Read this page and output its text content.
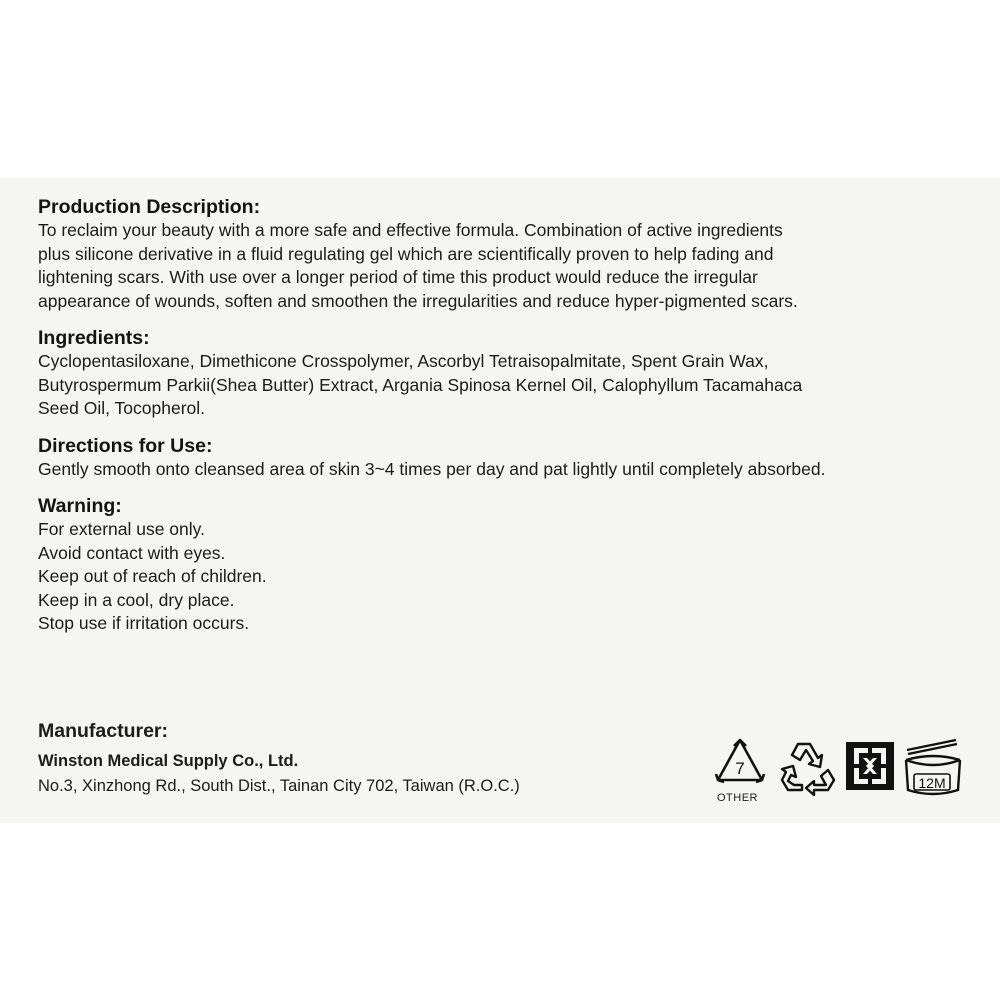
Production Description:

To reclaim your beauty with a more safe and effective formula. Combination of active ingredients

plus silicone derivative in a fluid regulating gel which are scientifically proven to help fading and

lightening scars. With use over a longer period of time this product would reduce the irregular

appearance of wounds, soften and smoothen the irregularities and reduce hyper-pigmented scars.

Ingredients:

Cyclopentasiloxane, Dimethicone Crosspolymer, Ascorbyl Tetraisopalmitate, Spent Grain Wax,

Butyrospermum Parkii(Shea Butter) Extract, Argania Spinosa Kernel Oil, Calophyllum Tacamahaca

Seed Oil, Tocopherol.

Directions for Use:

Gently smooth onto cleansed area of skin 3~4 times per day and pat lightly until completely absorbed.

Warning:
For external use only.
Avoid contact with eyes.
Keep out of reach of children.
Keep in a cool, dry place.
Stop use if irritation occurs.
Manufacturer:
Winston Medical Supply Co., Ltd.
No.3, Xinzhong Rd., South Dist., Tainan City 702, Taiwan (R.O.C.)
7
OTHER
12M
